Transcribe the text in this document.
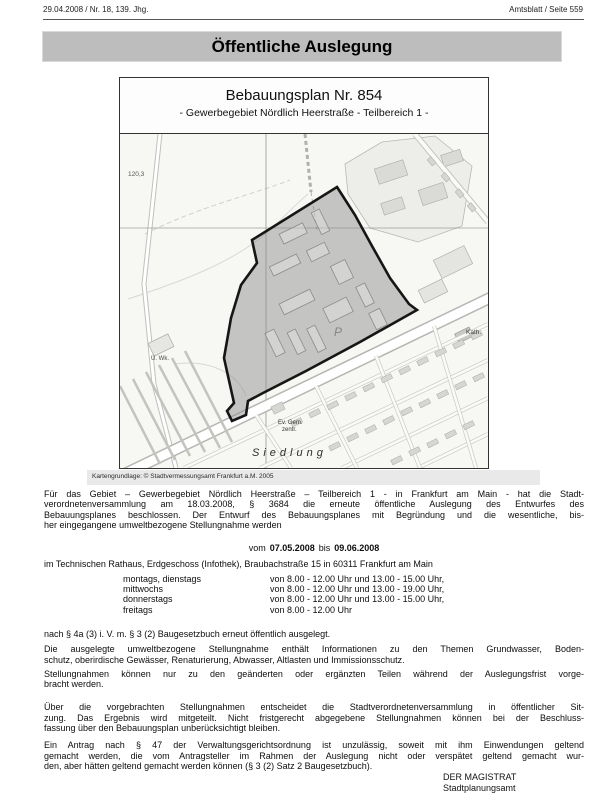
29.04.2008 / Nr. 18, 139. Jhg.	Amtsblatt / Seite 559
Öffentliche Auslegung
Bebauungsplan Nr. 854
- Gewerbegebiet Nördlich Heerstraße - Teilbereich 1 -
120,3
U. Wk.
P	Kath.
Ev. Gem.
zentr.
Siedlung
Kartengrundlage: © Stadtvermessungsamt Frankfurt a.M. 2005
Für das Gebiet – Gewerbegebiet Nördlich Heerstraße – Teilbereich 1 - in Frankfurt am Main - hat die Stadt-
verordnetenversammlung am 18.03.2008, § 3684 die erneute öffentliche Auslegung des Entwurfes des
Bebauungsplanes beschlossen. Der Entwurf des Bebauungsplanes mit Begründung und die wesentliche, bis-
her eingegangene umweltbezogene Stellungnahme werden
vom 07.05.2008 bis 09.06.2008
im Technischen Rathaus, Erdgeschoss (Infothek), Braubachstraße 15 in 60311 Frankfurt am Main
montags, dienstags	von 8.00 - 12.00 Uhr und 13.00 - 15.00 Uhr,
mittwochs	von 8.00 - 12.00 Uhr und 13.00 - 19.00 Uhr,
donnerstags	von 8.00 - 12.00 Uhr und 13.00 - 15.00 Uhr,
freitags	von 8.00 - 12.00 Uhr
nach § 4a (3) i. V. m. § 3 (2) Baugesetzbuch erneut öffentlich ausgelegt.
Die ausgelegte umweltbezogene Stellungnahme enthält Informationen zu den Themen Grundwasser, Boden-
schutz, oberirdische Gewässer, Renaturierung, Abwasser, Altlasten und Immissionsschutz.
Stellungnahmen können nur zu den geänderten oder ergänzten Teilen während der Auslegungsfrist vorge-
bracht werden.
Über die vorgebrachten Stellungnahmen entscheidet die Stadtverordnetenversammlung in öffentlicher Sit-
zung. Das Ergebnis wird mitgeteilt. Nicht fristgerecht abgegebene Stellungnahmen können bei der Beschluss-
fassung über den Bebauungsplan unberücksichtigt bleiben.
Ein Antrag nach § 47 der Verwaltungsgerichtsordnung ist unzulässig, soweit mit ihm Einwendungen geltend
gemacht werden, die vom Antragsteller im Rahmen der Auslegung nicht oder verspätet geltend gemacht wur-
den, aber hätten geltend gemacht werden können (§ 3 (2) Satz 2 Baugesetzbuch).
DER MAGISTRAT
Stadtplanungsamt
